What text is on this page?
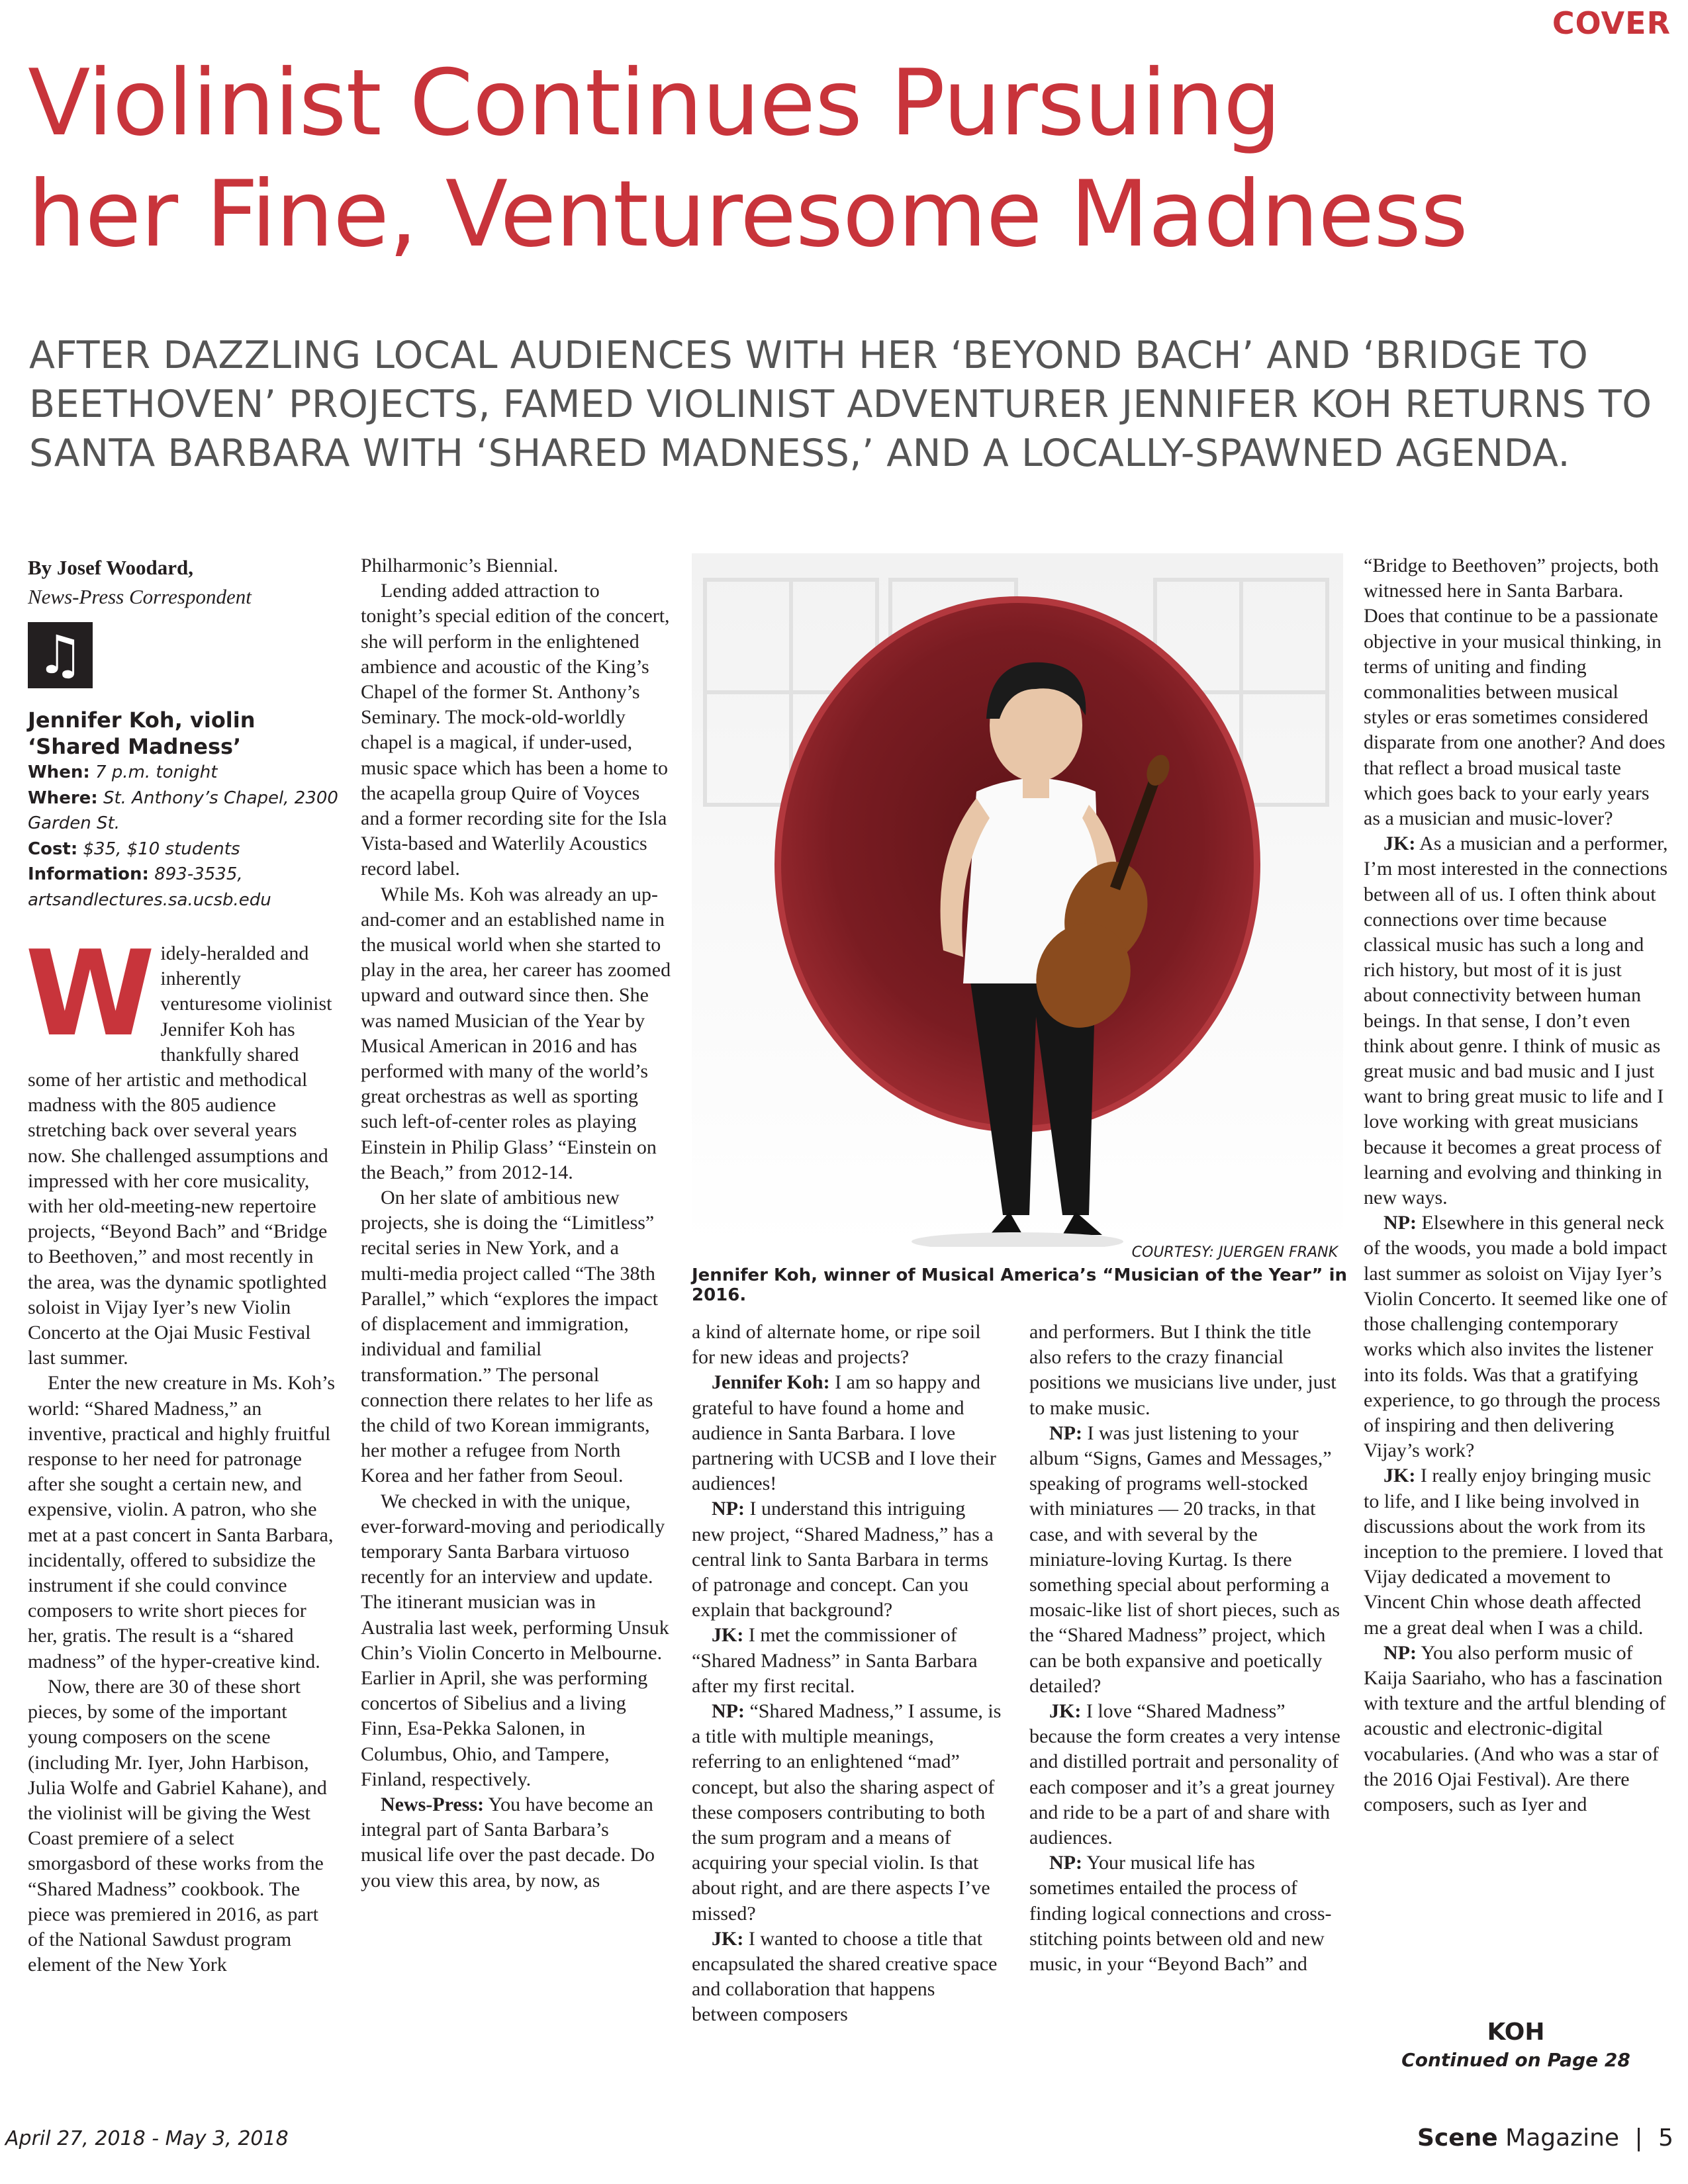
COVER
Violinist Continues Pursuing
her Fine, Venturesome Madness
AFTER DAZZLING LOCAL AUDIENCES WITH HER ‘BEYOND BACH’ AND ‘BRIDGE TO BEETHOVEN’ PROJECTS, FAMED VIOLINIST ADVENTURER JENNIFER KOH RETURNS TO SANTA BARBARA WITH ‘SHARED MADNESS,’ AND A LOCALLY-SPAWNED AGENDA.
By Josef Woodard,
News-Press Correspondent
♫
Jennifer Koh, violin
‘Shared Madness’
When: 7 p.m. tonight
Where: St. Anthony’s Chapel, 2300 Garden St.
Cost: $35, $10 students
Information: 893-3535, artsandlectures.sa.ucsb.edu

Widely-heralded and inherently venturesome violinist Jennifer Koh has thankfully shared some of her artistic and methodical madness with the 805 audience stretching back over several years now. She challenged assumptions and impressed with her core musicality, with her old-meeting-new repertoire projects, “Beyond Bach” and “Bridge to Beethoven,” and most recently in the area, was the dynamic spotlighted soloist in Vijay Iyer’s new Violin Concerto at the Ojai Music Festival last summer.

Enter the new creature in Ms. Koh’s world: “Shared Madness,” an inventive, practical and highly fruitful response to her need for patronage after she sought a certain new, and expensive, violin. A patron, who she met at a past concert in Santa Barbara, incidentally, offered to subsidize the instrument if she could convince composers to write short pieces for her, gratis. The result is a “shared madness” of the hyper-creative kind.

Now, there are 30 of these short pieces, by some of the important young composers on the scene (including Mr. Iyer, John Harbison, Julia Wolfe and Gabriel Kahane), and the violinist will be giving the West Coast premiere of a select smorgasbord of these works from the “Shared Madness” cookbook. The piece was premiered in 2016, as part of the National Sawdust program element of the New York

Philharmonic’s Biennial.

Lending added attraction to tonight’s special edition of the concert, she will perform in the enlightened ambience and acoustic of the King’s Chapel of the former St. Anthony’s Seminary. The mock-old-worldly chapel is a magical, if under-used, music space which has been a home to the acapella group Quire of Voyces and a former recording site for the Isla Vista-based and Waterlily Acoustics record label.

While Ms. Koh was already an up-and-comer and an established name in the musical world when she started to play in the area, her career has zoomed upward and outward since then. She was named Musician of the Year by Musical American in 2016 and has performed with many of the world’s great orchestras as well as sporting such left-of-center roles as playing Einstein in Philip Glass’ “Einstein on the Beach,” from 2012-14.

On her slate of ambitious new projects, she is doing the “Limitless” recital series in New York, and a multi-media project called “The 38th Parallel,” which “explores the impact of displacement and immigration, individual and familial transformation.” The personal connection there relates to her life as the child of two Korean immigrants, her mother a refugee from North Korea and her father from Seoul.

We checked in with the unique, ever-forward-moving and periodically temporary Santa Barbara virtuoso recently for an interview and update. The itinerant musician was in Australia last week, performing Unsuk Chin’s Violin Concerto in Melbourne. Earlier in April, she was performing concertos of Sibelius and a living Finn, Esa-Pekka Salonen, in Columbus, Ohio, and Tampere, Finland, respectively.

News-Press: You have become an integral part of Santa Barbara’s musical life over the past decade. Do you view this area, by now, as

COURTESY: JUERGEN FRANK
Jennifer Koh, winner of Musical America’s “Musician of the Year” in 2016.

a kind of alternate home, or ripe soil for new ideas and projects?

Jennifer Koh: I am so happy and grateful to have found a home and audience in Santa Barbara. I love partnering with UCSB and I love their audiences!

NP: I understand this intriguing new project, “Shared Madness,” has a central link to Santa Barbara in terms of patronage and concept. Can you explain that background?

JK: I met the commissioner of “Shared Madness” in Santa Barbara after my first recital.

NP: “Shared Madness,” I assume, is a title with multiple meanings, referring to an enlightened “mad” concept, but also the sharing aspect of these composers contributing to both the sum program and a means of acquiring your special violin. Is that about right, and are there aspects I’ve missed?

JK: I wanted to choose a title that encapsulated the shared creative space and collaboration that happens between composers

and performers. But I think the title also refers to the crazy financial positions we musicians live under, just to make music.

NP: I was just listening to your album “Signs, Games and Messages,” speaking of programs well-stocked with miniatures — 20 tracks, in that case, and with several by the miniature-loving Kurtag. Is there something special about performing a mosaic-like list of short pieces, such as the “Shared Madness” project, which can be both expansive and poetically detailed?

JK: I love “Shared Madness” because the form creates a very intense and distilled portrait and personality of each composer and it’s a great journey and ride to be a part of and share with audiences.

NP: Your musical life has sometimes entailed the process of finding logical connections and cross-stitching points between old and new music, in your “Beyond Bach” and

“Bridge to Beethoven” projects, both witnessed here in Santa Barbara. Does that continue to be a passionate objective in your musical thinking, in terms of uniting and finding commonalities between musical styles or eras sometimes considered disparate from one another? And does that reflect a broad musical taste which goes back to your early years as a musician and music-lover?

JK: As a musician and a performer, I’m most interested in the connections between all of us. I often think about connections over time because classical music has such a long and rich history, but most of it is just about connectivity between human beings. In that sense, I don’t even think about genre. I think of music as great music and bad music and I just want to bring great music to life and I love working with great musicians because it becomes a great process of learning and evolving and thinking in new ways.

NP: Elsewhere in this general neck of the woods, you made a bold impact last summer as soloist on Vijay Iyer’s Violin Concerto. It seemed like one of those challenging contemporary works which also invites the listener into its folds. Was that a gratifying experience, to go through the process of inspiring and then delivering Vijay’s work?

JK: I really enjoy bringing music to life, and I like being involved in discussions about the work from its inception to the premiere. I loved that Vijay dedicated a movement to Vincent Chin whose death affected me a great deal when I was a child.

NP: You also perform music of Kaija Saariaho, who has a fascination with texture and the artful blending of acoustic and electronic-digital vocabularies. (And who was a star of the 2016 Ojai Festival). Are there composers, such as Iyer and

KOH
Continued on Page 28
April 27, 2018 - May 3, 2018	Scene Magazine | 5
